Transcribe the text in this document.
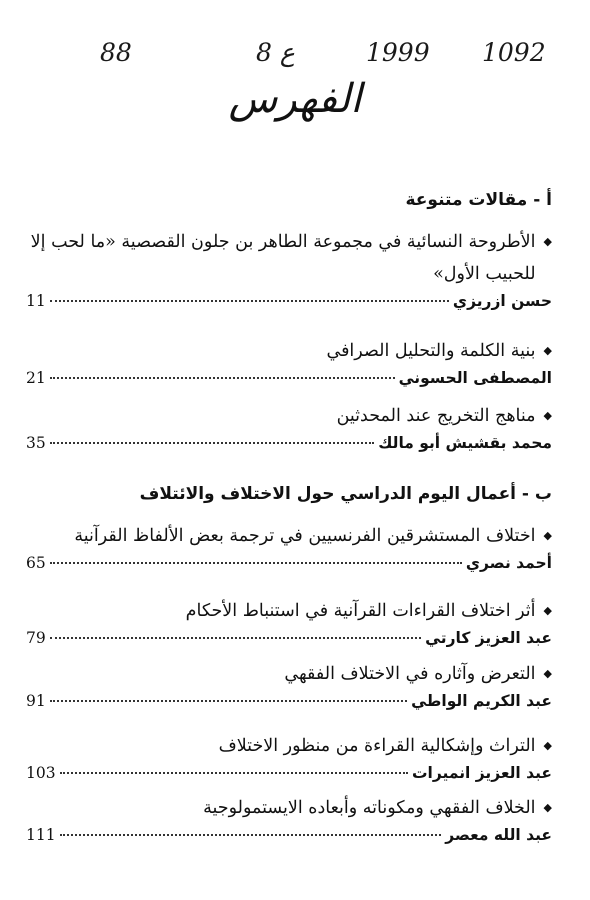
88	8 ع	1999 1092
الفهرس
أ - مقالات متنوعة
◆
الأطروحة النسائية في مجموعة الطاهر بن جلون القصصية «ما لحب إلا للحبيب الأول»
حسن ازريزي
11
◆
بنية الكلمة والتحليل الصرافي
المصطفى الحسوني
21
◆
مناهج التخريج عند المحدثين
محمد بقشيش أبو مالك
35
ب - أعمال اليوم الدراسي حول الاختلاف والائتلاف
◆
اختلاف المستشرقين الفرنسيين في ترجمة بعض الألفاظ القرآنية
أحمد نصري
65
◆
أثر اختلاف القراءات القرآنية في استنباط الأحكام
عبد العزيز كارتي
79
◆
التعرض وآثاره في الاختلاف الفقهي
عبد الكريم الواطي
91
◆
التراث وإشكالية القراءة من منظور الاختلاف
عبد العزيز انميرات
103
◆
الخلاف الفقهي ومكوناته وأبعاده الايستمولوجية
عبد الله معصر
111
